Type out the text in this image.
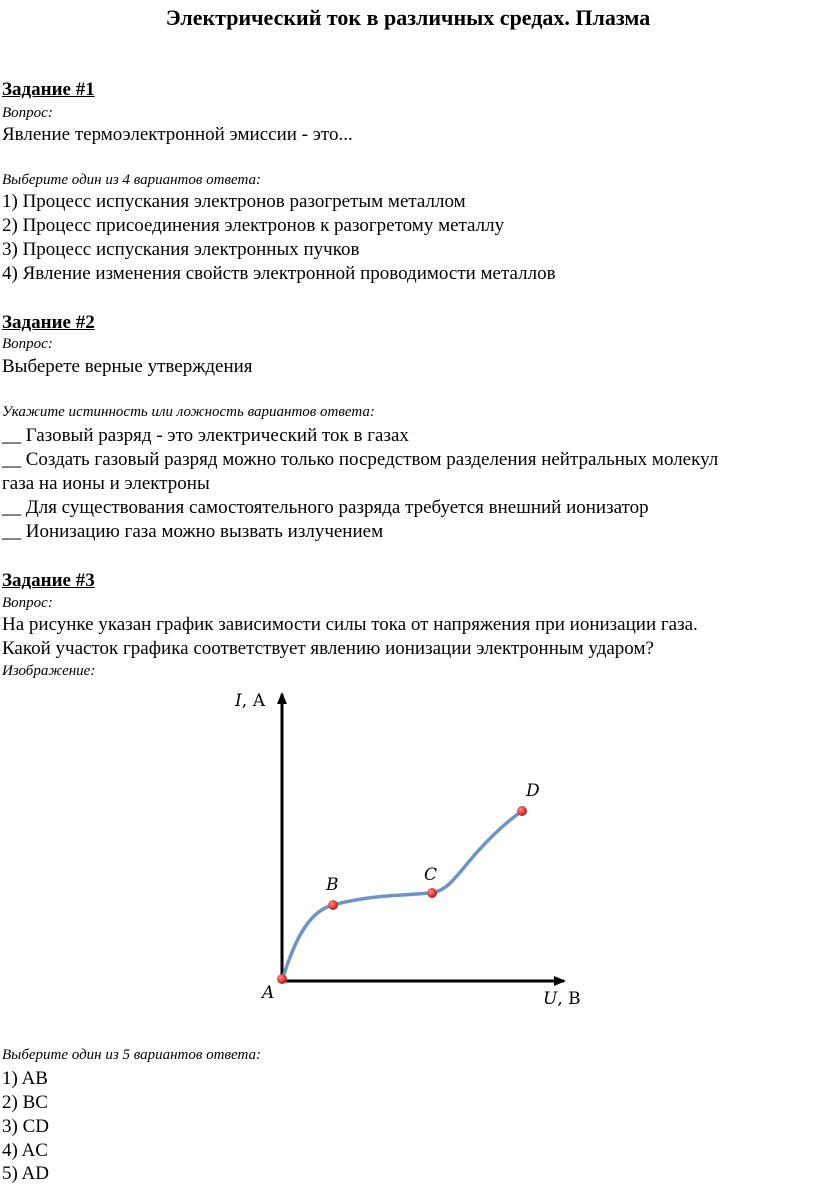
Электрический ток в различных средах. Плазма
Задание #1
Вопрос:
Явление термоэлектронной эмиссии - это...
Выберите один из 4 вариантов ответа:
1) Процесс испускания электронов разогретым металлом
2) Процесс присоединения электронов к разогретому металлу
3) Процесс испускания электронных пучков
4) Явление изменения свойств электронной проводимости металлов
Задание #2
Вопрос:
Выберете верные утверждения
Укажите истинность или ложность вариантов ответа:
__ Газовый разряд - это электрический ток в газах
__ Создать газовый разряд можно только посредством разделения нейтральных молекул
газа на ионы и электроны
__ Для существования самостоятельного разряда требуется внешний ионизатор
__ Ионизацию газа можно вызвать излучением
Задание #3
Вопрос:
На рисунке указан график зависимости силы тока от напряжения при ионизации газа.
Какой участок графика соответствует явлению ионизации электронным ударом?
Изображение:
I, А
U, В
A
B	C
D
Выберите один из 5 вариантов ответа:
1) AB
2) BC
3) CD
4) AC
5) AD
